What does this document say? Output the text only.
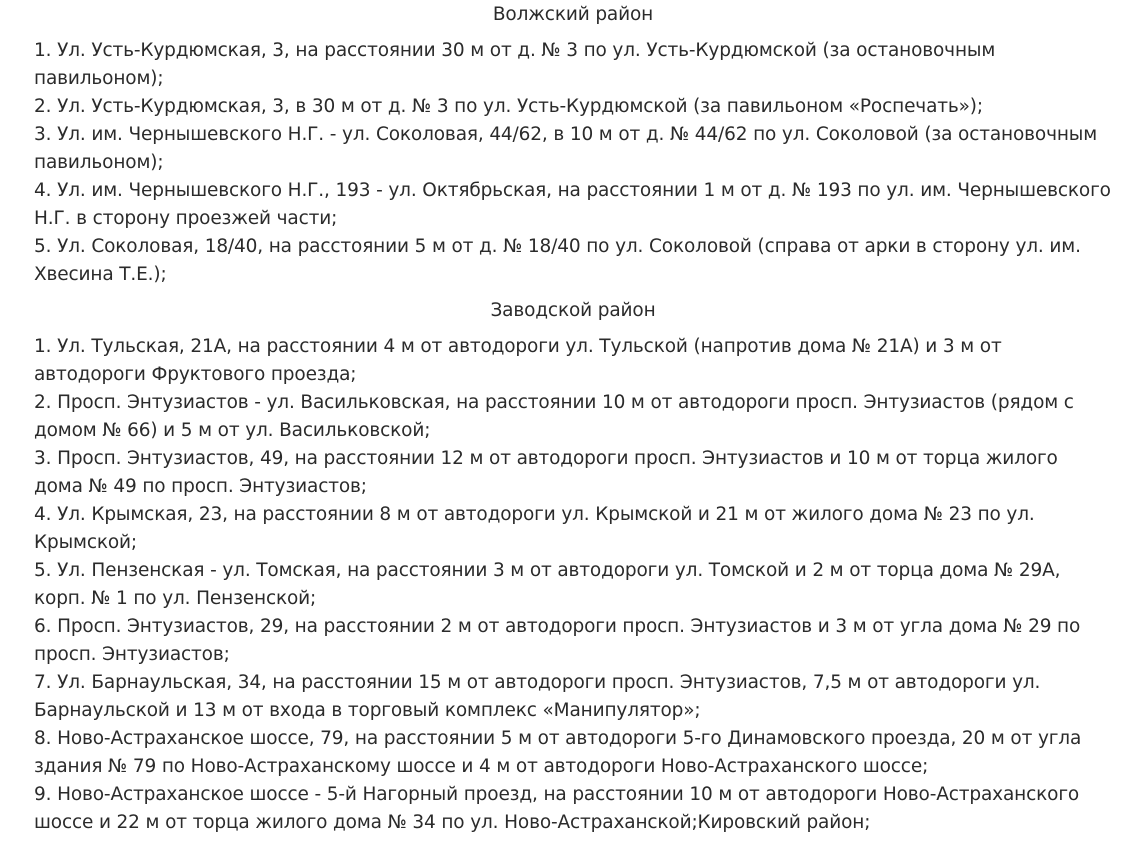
Волжский район

1. Ул. Усть-Курдюмская, 3, на расстоянии 30 м от д. № 3 по ул. Усть-Курдюмской (за остановочным павильоном);

2. Ул. Усть-Курдюмская, 3, в 30 м от д. № 3 по ул. Усть-Курдюмской (за павильоном «Роспечать»);

3. Ул. им. Чернышевского Н.Г. - ул. Соколовая, 44/62, в 10 м от д. № 44/62 по ул. Соколовой (за остановочным павильоном);

4. Ул. им. Чернышевского Н.Г., 193 - ул. Октябрьская, на расстоянии 1 м от д. № 193 по ул. им. Чернышевского Н.Г. в сторону проезжей части;

5. Ул. Соколовая, 18/40, на расстоянии 5 м от д. № 18/40 по ул. Соколовой (справа от арки в сторону ул. им. Хвесина Т.Е.);

Заводской район

1. Ул. Тульская, 21А, на расстоянии 4 м от автодороги ул. Тульской (напротив дома № 21А) и 3 м от автодороги Фруктового проезда;

2. Просп. Энтузиастов - ул. Васильковская, на расстоянии 10 м от автодороги просп. Энтузиастов (рядом с домом № 66) и 5 м от ул. Васильковской;

3. Просп. Энтузиастов, 49, на расстоянии 12 м от автодороги просп. Энтузиастов и 10 м от торца жилого дома № 49 по просп. Энтузиастов;

4. Ул. Крымская, 23, на расстоянии 8 м от автодороги ул. Крымской и 21 м от жилого дома № 23 по ул. Крымской;

5. Ул. Пензенская - ул. Томская, на расстоянии 3 м от автодороги ул. Томской и 2 м от торца дома № 29А, корп. № 1 по ул. Пензенской;

6. Просп. Энтузиастов, 29, на расстоянии 2 м от автодороги просп. Энтузиастов и 3 м от угла дома № 29 по просп. Энтузиастов;

7. Ул. Барнаульская, 34, на расстоянии 15 м от автодороги просп. Энтузиастов, 7,5 м от автодороги ул. Барнаульской и 13 м от входа в торговый комплекс «Манипулятор»;

8. Ново-Астраханское шоссе, 79, на расстоянии 5 м от автодороги 5-го Динамовского проезда, 20 м от угла здания № 79 по Ново-Астраханскому шоссе и 4 м от автодороги Ново-Астраханского шоссе;

9. Ново-Астраханское шоссе - 5-й Нагорный проезд, на расстоянии 10 м от автодороги Ново-Астраханского шоссе и 22 м от торца жилого дома № 34 по ул. Ново-Астраханской;Кировский район;
